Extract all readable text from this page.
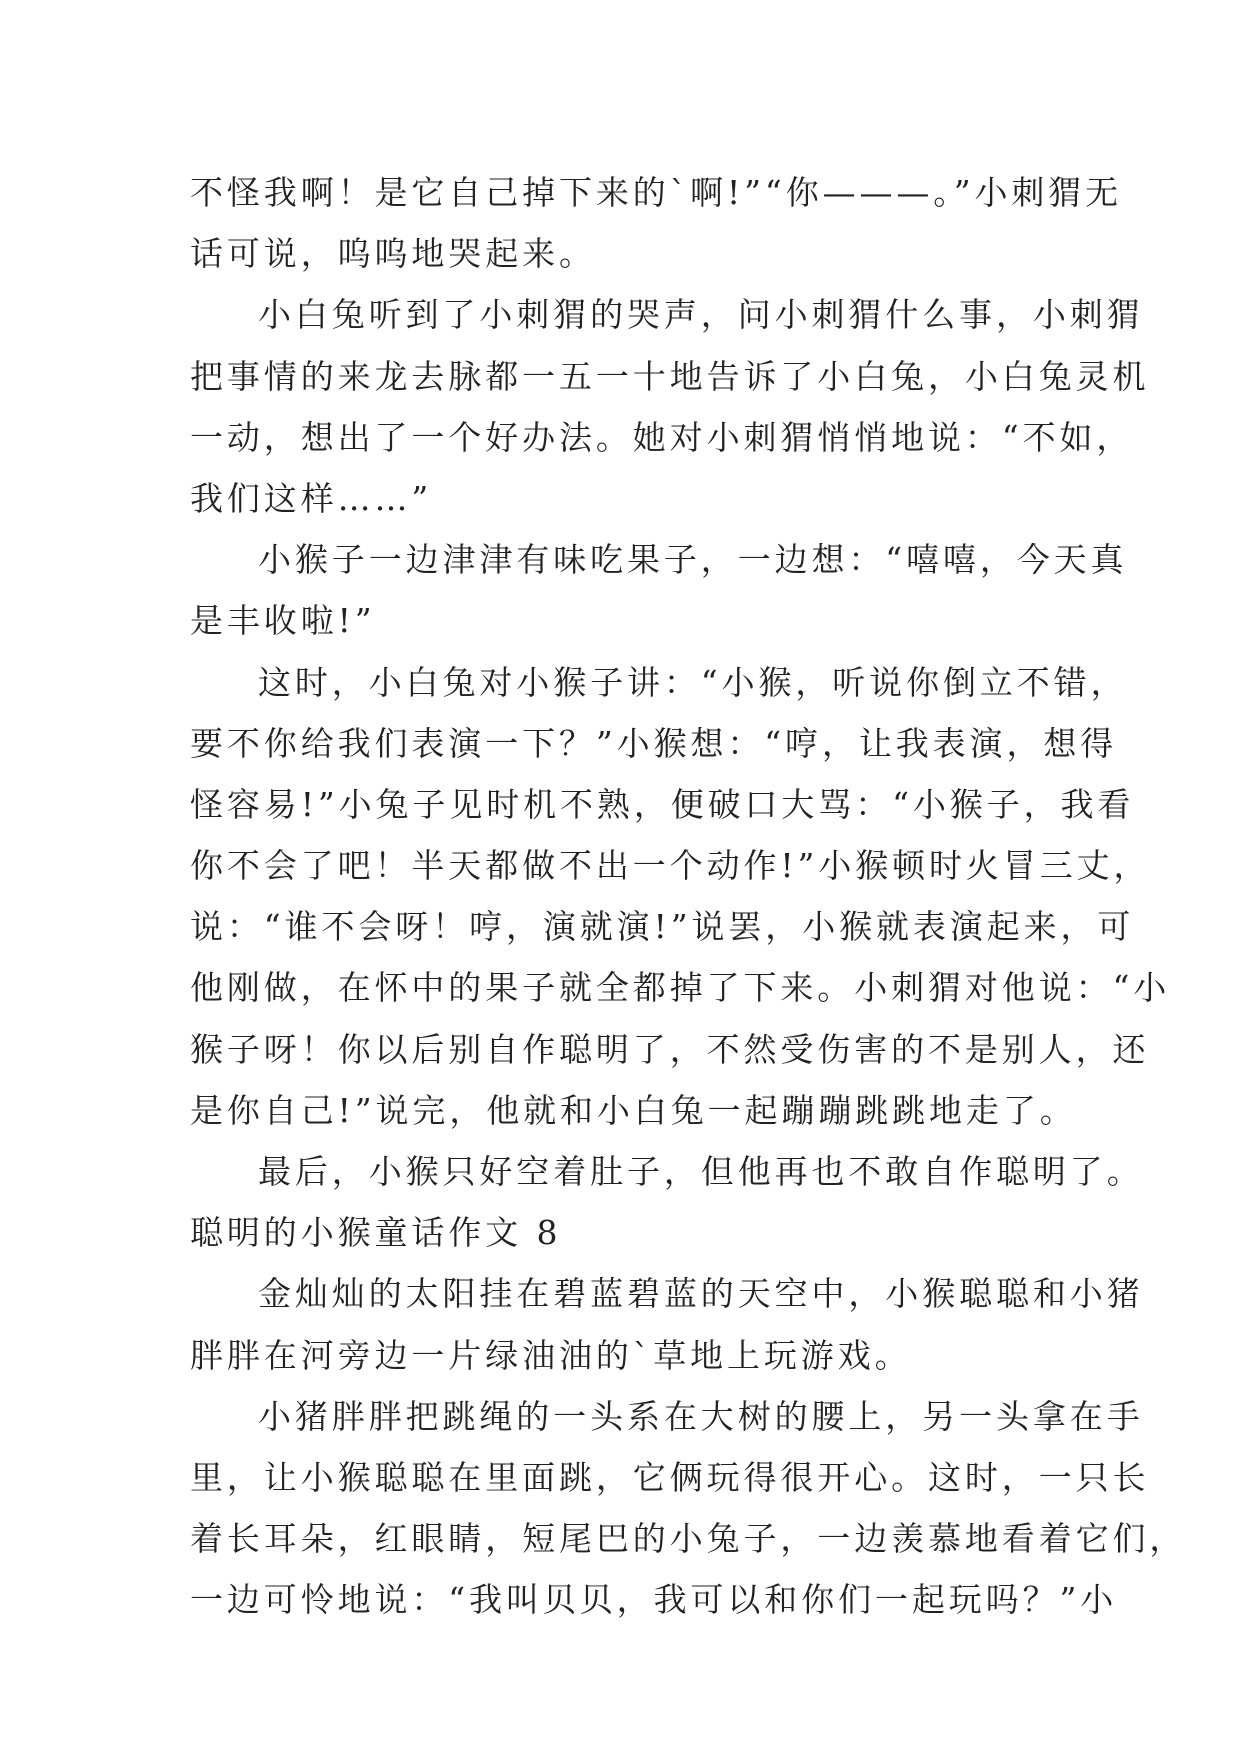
不怪我啊！是它自己掉下来的`啊!”“你———。”小刺猬无
话可说，呜呜地哭起来。
小白兔听到了小刺猬的哭声，问小刺猬什么事，小刺猬
把事情的来龙去脉都一五一十地告诉了小白兔，小白兔灵机
一动，想出了一个好办法。她对小刺猬悄悄地说：“不如，
我们这样……”
小猴子一边津津有味吃果子，一边想：“嘻嘻，今天真
是丰收啦!”
这时，小白兔对小猴子讲：“小猴，听说你倒立不错，
要不你给我们表演一下？”小猴想：“哼，让我表演，想得
怪容易!”小兔子见时机不熟，便破口大骂：“小猴子，我看
你不会了吧！半天都做不出一个动作!”小猴顿时火冒三丈，
说：“谁不会呀！哼，演就演!”说罢，小猴就表演起来，可
他刚做，在怀中的果子就全都掉了下来。小刺猬对他说：“小
猴子呀！你以后别自作聪明了，不然受伤害的不是别人，还
是你自己!”说完，他就和小白兔一起蹦蹦跳跳地走了。
最后，小猴只好空着肚子，但他再也不敢自作聪明了。
聪明的小猴童话作文 8
金灿灿的太阳挂在碧蓝碧蓝的天空中，小猴聪聪和小猪
胖胖在河旁边一片绿油油的`草地上玩游戏。
小猪胖胖把跳绳的一头系在大树的腰上，另一头拿在手
里，让小猴聪聪在里面跳，它俩玩得很开心。这时，一只长
着长耳朵，红眼睛，短尾巴的小兔子，一边羡慕地看着它们，
一边可怜地说：“我叫贝贝，我可以和你们一起玩吗？”小
